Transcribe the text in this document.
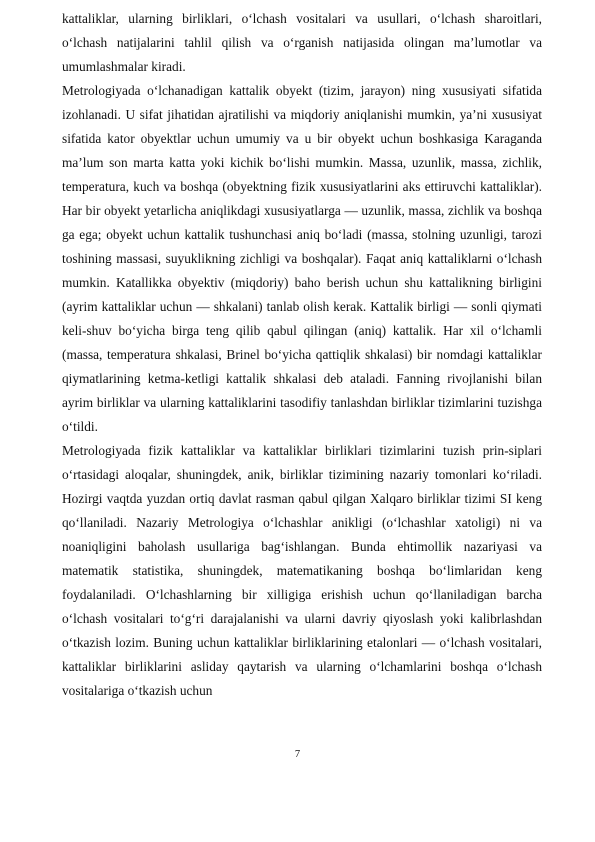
kattaliklar, ularning birliklari, o‘lchash vositalari va usullari, o‘lchash sharoitlari, o‘lchash natijalarini tahlil qilish va o‘rganish natijasida olingan ma’lumotlar va umumlashmalar kiradi.

Metrologiyada o‘lchanadigan kattalik obyekt (tizim, jarayon) ning xususiyati sifatida izohlanadi. U sifat jihatidan ajratilishi va miqdoriy aniqlanishi mumkin, ya’ni xususiyat sifatida kator obyektlar uchun umumiy va u bir obyekt uchun boshkasiga Karaganda ma’lum son marta katta yoki kichik bo‘lishi mumkin. Massa, uzunlik, massa, zichlik, temperatura, kuch va boshqa (obyektning fizik xususiyatlarini aks ettiruvchi kattaliklar). Har bir obyekt yetarlicha aniqlikdagi xususiyatlarga — uzunlik, massa, zichlik va boshqa ga ega; obyekt uchun kattalik tushunchasi aniq bo‘ladi (massa, stolning uzunligi, tarozi toshining massasi, suyuklikning zichligi va boshqalar). Faqat aniq kattaliklarni o‘lchash mumkin. Katallikka obyektiv (miqdoriy) baho berish uchun shu kattalikning birligini (ayrim kattaliklar uchun — shkalani) tanlab olish kerak. Kattalik birligi — sonli qiymati keli-shuv bo‘yicha birga teng qilib qabul qilingan (aniq) kattalik. Har xil o‘lchamli (massa, temperatura shkalasi, Brinel bo‘yicha qattiqlik shkalasi) bir nomdagi kattaliklar qiymatlarining ketma-ketligi kattalik shkalasi deb ataladi. Fanning rivojlanishi bilan ayrim birliklar va ularning kattaliklarini tasodifiy tanlashdan birliklar tizimlarini tuzishga o‘tildi.

Metrologiyada fizik kattaliklar va kattaliklar birliklari tizimlarini tuzish prin-siplari o‘rtasidagi aloqalar, shuningdek, anik, birliklar tizimining nazariy tomonlari ko‘riladi. Hozirgi vaqtda yuzdan ortiq davlat rasman qabul qilgan Xalqaro birliklar tizimi SI keng qo‘llaniladi. Nazariy Metrologiya o‘lchashlar anikligi (o‘lchashlar xatoligi) ni va noaniqligini baholash usullariga bag‘ishlangan. Bunda ehtimollik nazariyasi va matematik statistika, shuningdek, matematikaning boshqa bo‘limlaridan keng foydalaniladi. O‘lchashlarning bir xilligiga erishish uchun qo‘llaniladigan barcha o‘lchash vositalari to‘g‘ri darajalanishi va ularni davriy qiyoslash yoki kalibrlashdan o‘tkazish lozim. Buning uchun kattaliklar birliklarining etalonlari — o‘lchash vositalari, kattaliklar birliklarini asliday qaytarish va ularning o‘lchamlarini boshqa o‘lchash vositalariga o‘tkazish uchun

7
